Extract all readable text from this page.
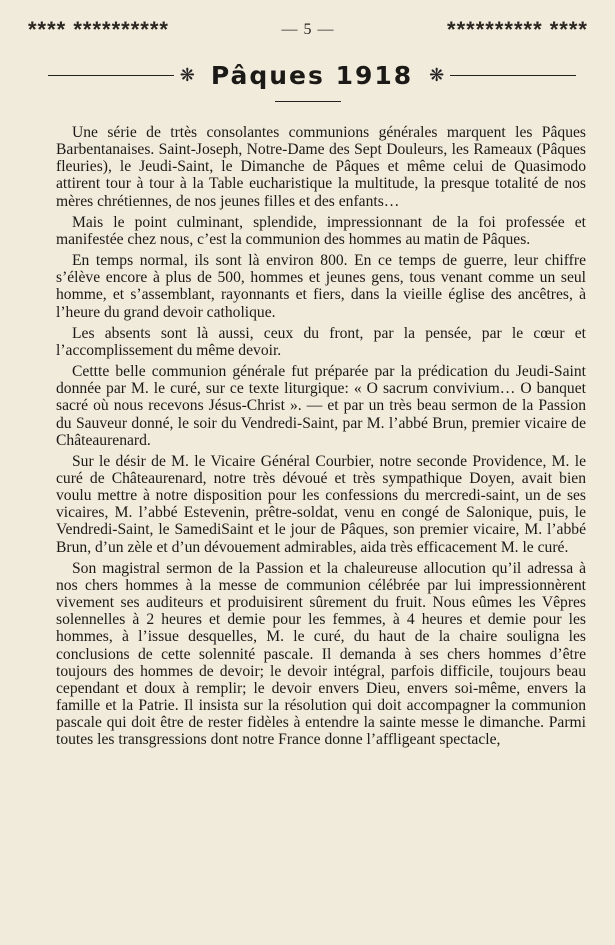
**** **********	— 5 —	********** ****
❋ Pâques 1918 ❋

Une série de trtès consolantes communions générales marquent les Pâques Barbentanaises. Saint-Joseph, Notre-Dame des Sept Douleurs, les Rameaux (Pâques fleuries), le Jeudi-Saint, le Dimanche de Pâques et même celui de Quasimodo attirent tour à tour à la Table eucharistique la multitude, la presque totalité de nos mères chrétiennes, de nos jeunes filles et des enfants…

Mais le point culminant, splendide, impressionnant de la foi professée et manifestée chez nous, c’est la communion des hommes au matin de Pâques.

En temps normal, ils sont là environ 800. En ce temps de guerre, leur chiffre s’élève encore à plus de 500, hommes et jeunes gens, tous venant comme un seul homme, et s’assemblant, rayonnants et fiers, dans la vieille église des ancêtres, à l’heure du grand devoir catholique.

Les absents sont là aussi, ceux du front, par la pensée, par le cœur et l’accomplissement du même devoir.

Cettte belle communion générale fut préparée par la prédication du Jeudi-Saint donnée par M. le curé, sur ce texte liturgique: « O sacrum convivium… O banquet sacré où nous recevons Jésus-Christ ». — et par un très beau sermon de la Passion du Sauveur donné, le soir du Vendredi-Saint, par M. l’abbé Brun, premier vicaire de Châteaurenard.

Sur le désir de M. le Vicaire Général Courbier, notre seconde Providence, M. le curé de Châteaurenard, notre très dévoué et très sympathique Doyen, avait bien voulu mettre à notre disposition pour les confessions du mercredi-saint, un de ses vicaires, M. l’abbé Estevenin, prêtre-soldat, venu en congé de Salonique, puis, le Vendredi-Saint, le SamediSaint et le jour de Pâques, son premier vicaire, M. l’abbé Brun, d’un zèle et d’un dévouement admirables, aida très efficacement M. le curé.

Son magistral sermon de la Passion et la chaleureuse allocution qu’il adressa à nos chers hommes à la messe de communion célébrée par lui impressionnèrent vivement ses auditeurs et produisirent sûrement du fruit. Nous eûmes les Vêpres solennelles à 2 heures et demie pour les femmes, à 4 heures et demie pour les hommes, à l’issue desquelles, M. le curé, du haut de la chaire souligna les conclusions de cette solennité pascale. Il demanda à ses chers hommes d’être toujours des hommes de devoir; le devoir intégral, parfois difficile, toujours beau cependant et doux à remplir; le devoir envers Dieu, envers soi-même, envers la famille et la Patrie. Il insista sur la résolution qui doit accompagner la communion pascale qui doit être de rester fidèles à entendre la sainte messe le dimanche. Parmi toutes les transgressions dont notre France donne l’affligeant spectacle,
